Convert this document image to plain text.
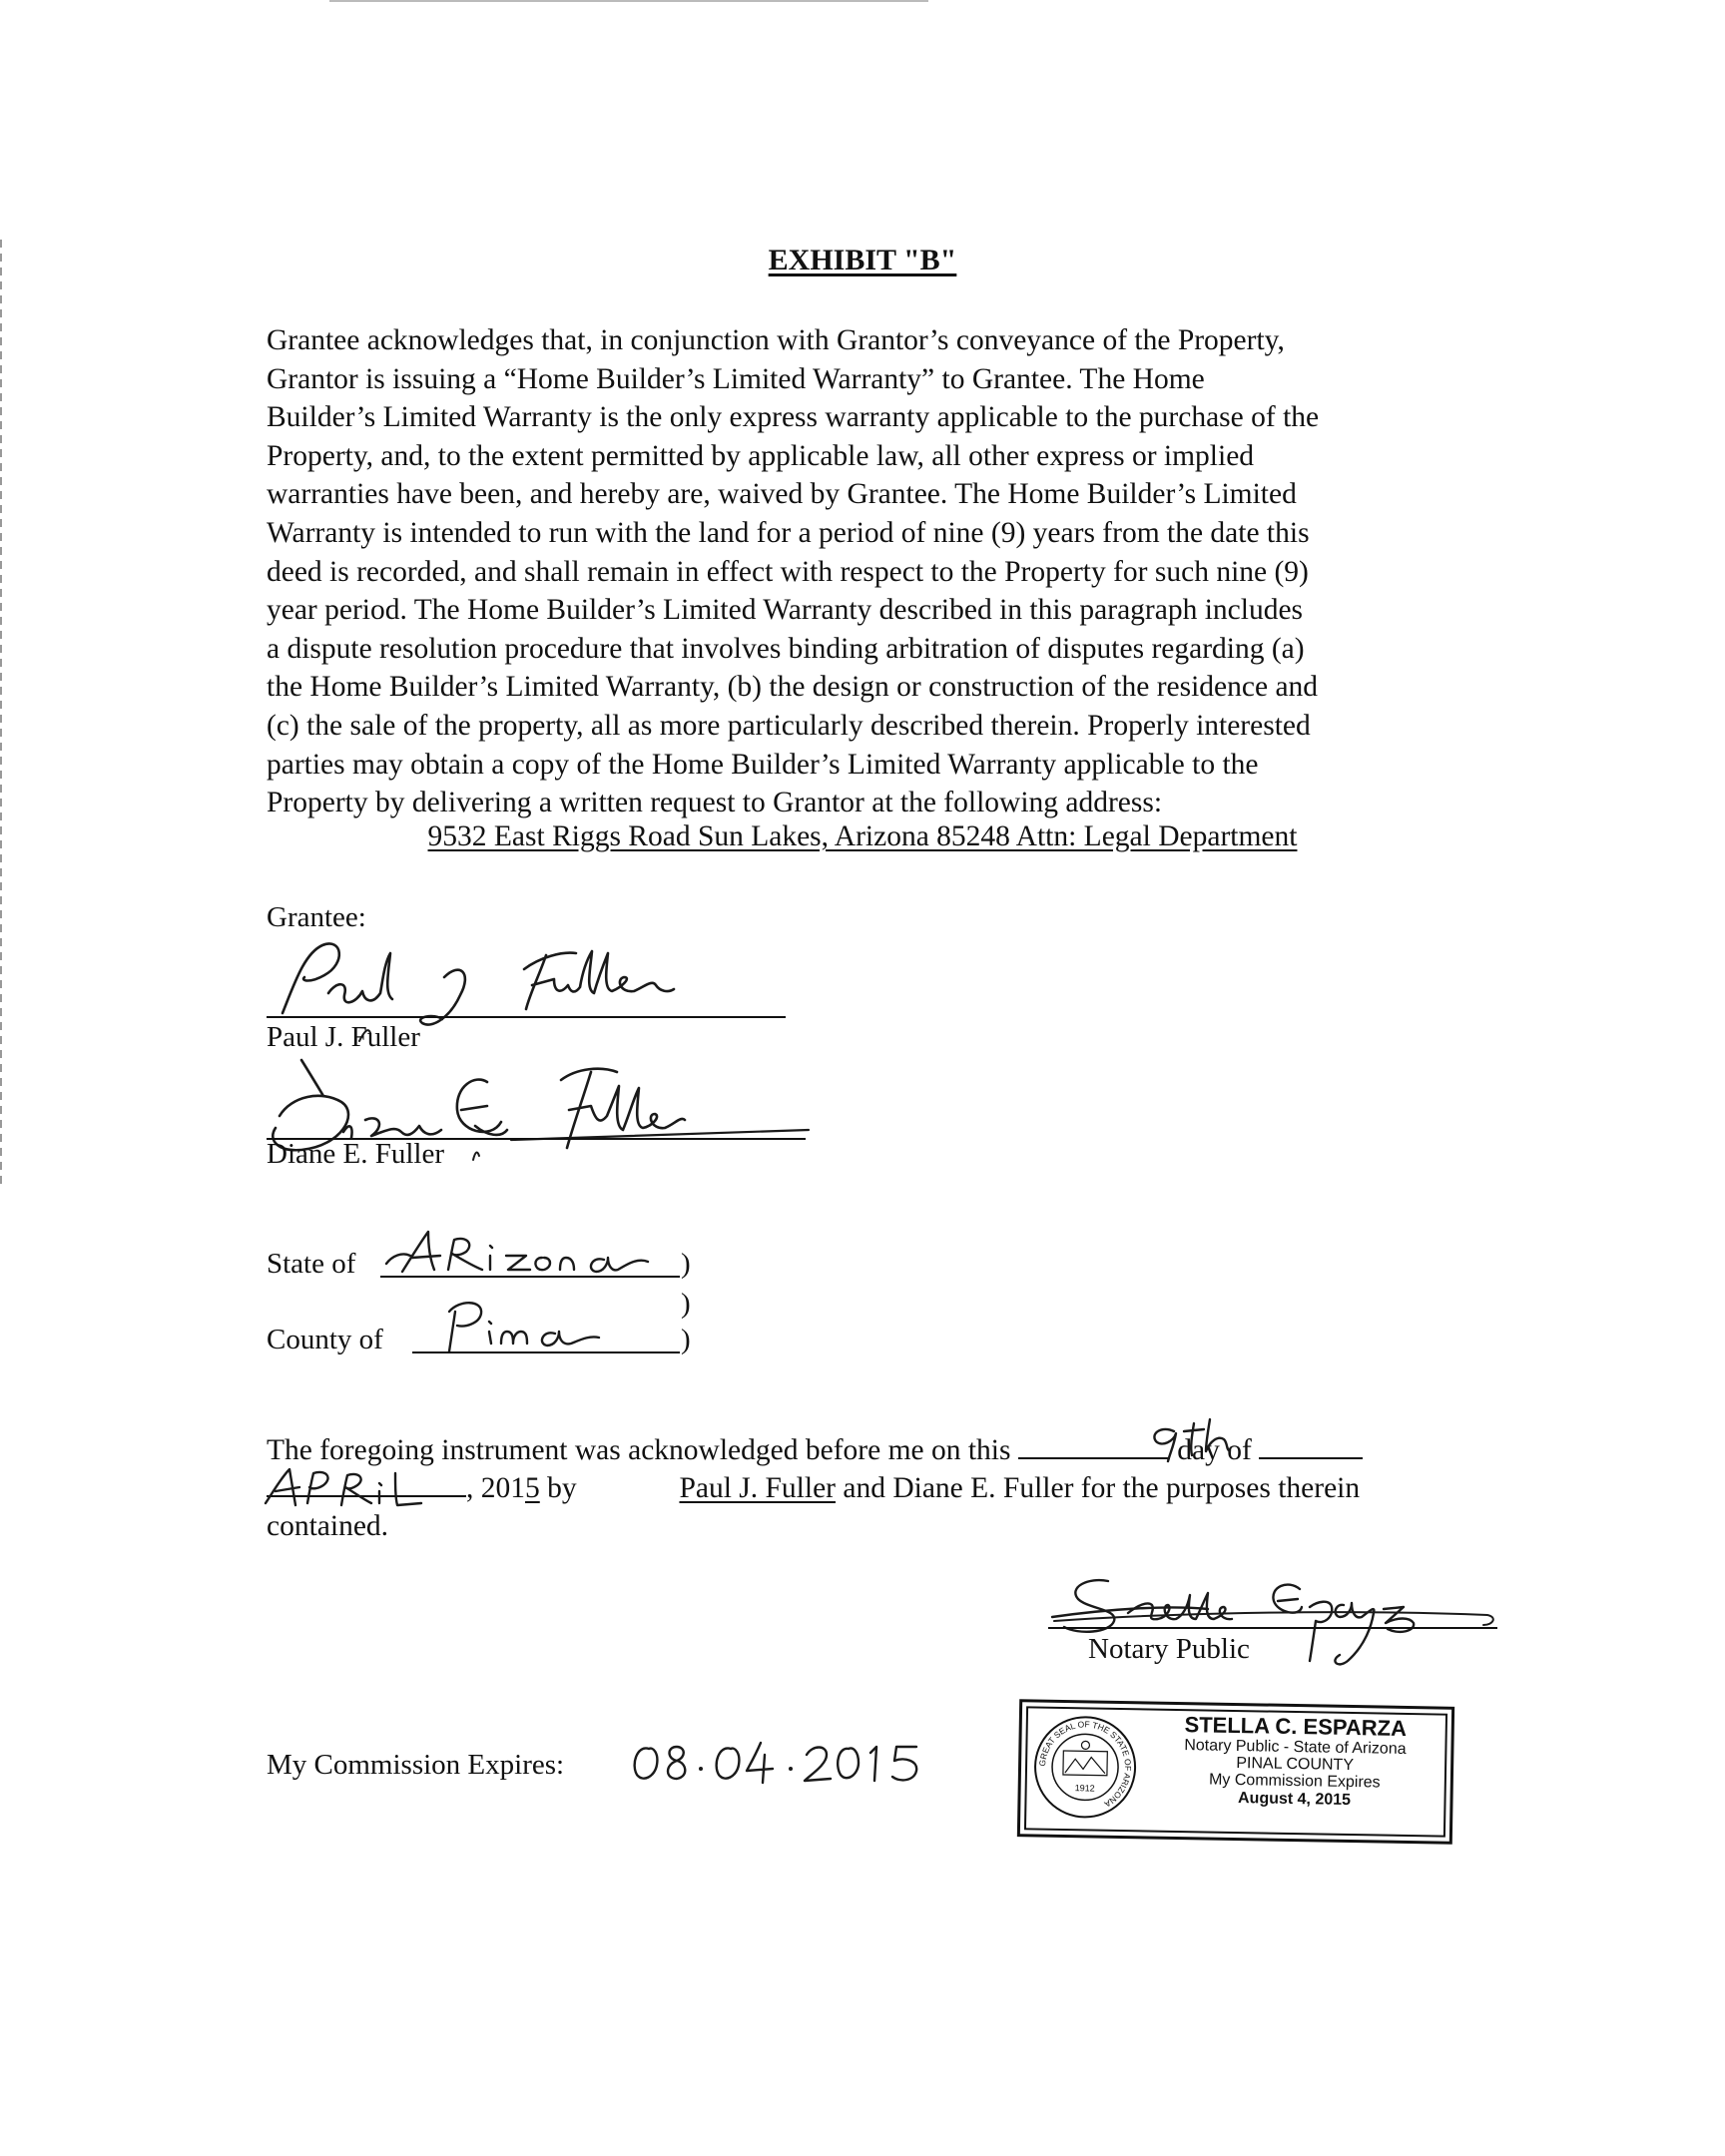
EXHIBIT "B"
Grantee acknowledges that, in conjunction with Grantor’s conveyance of the Property,
Grantor is issuing a “Home Builder’s Limited Warranty” to Grantee. The Home
Builder’s Limited Warranty is the only express warranty applicable to the purchase of the
Property, and, to the extent permitted by applicable law, all other express or implied
warranties have been, and hereby are, waived by Grantee. The Home Builder’s Limited
Warranty is intended to run with the land for a period of nine (9) years from the date this
deed is recorded, and shall remain in effect with respect to the Property for such nine (9)
year period. The Home Builder’s Limited Warranty described in this paragraph includes
a dispute resolution procedure that involves binding arbitration of disputes regarding (a)
the Home Builder’s Limited Warranty, (b) the design or construction of the residence and
(c) the sale of the property, all as more particularly described therein. Properly interested
parties may obtain a copy of the Home Builder’s Limited Warranty applicable to the
Property by delivering a written request to Grantor at the following address:
9532 East Riggs Road Sun Lakes, Arizona 85248 Attn: Legal Department
Grantee:
Paul J. Fuller
Diane E. Fuller
State of	)
)
County of	)
The foregoing instrument was acknowledged before me on this	day of
, 2015 by	Paul J. Fuller and Diane E. Fuller for the purposes therein
contained.
Notary Public
My Commission Expires:	GREAT SEAL OF THE STATE OF ARIZONA
1912
STELLA C. ESPARZA
Notary Public - State of Arizona
PINAL COUNTY
My Commission Expires
August 4, 2015
